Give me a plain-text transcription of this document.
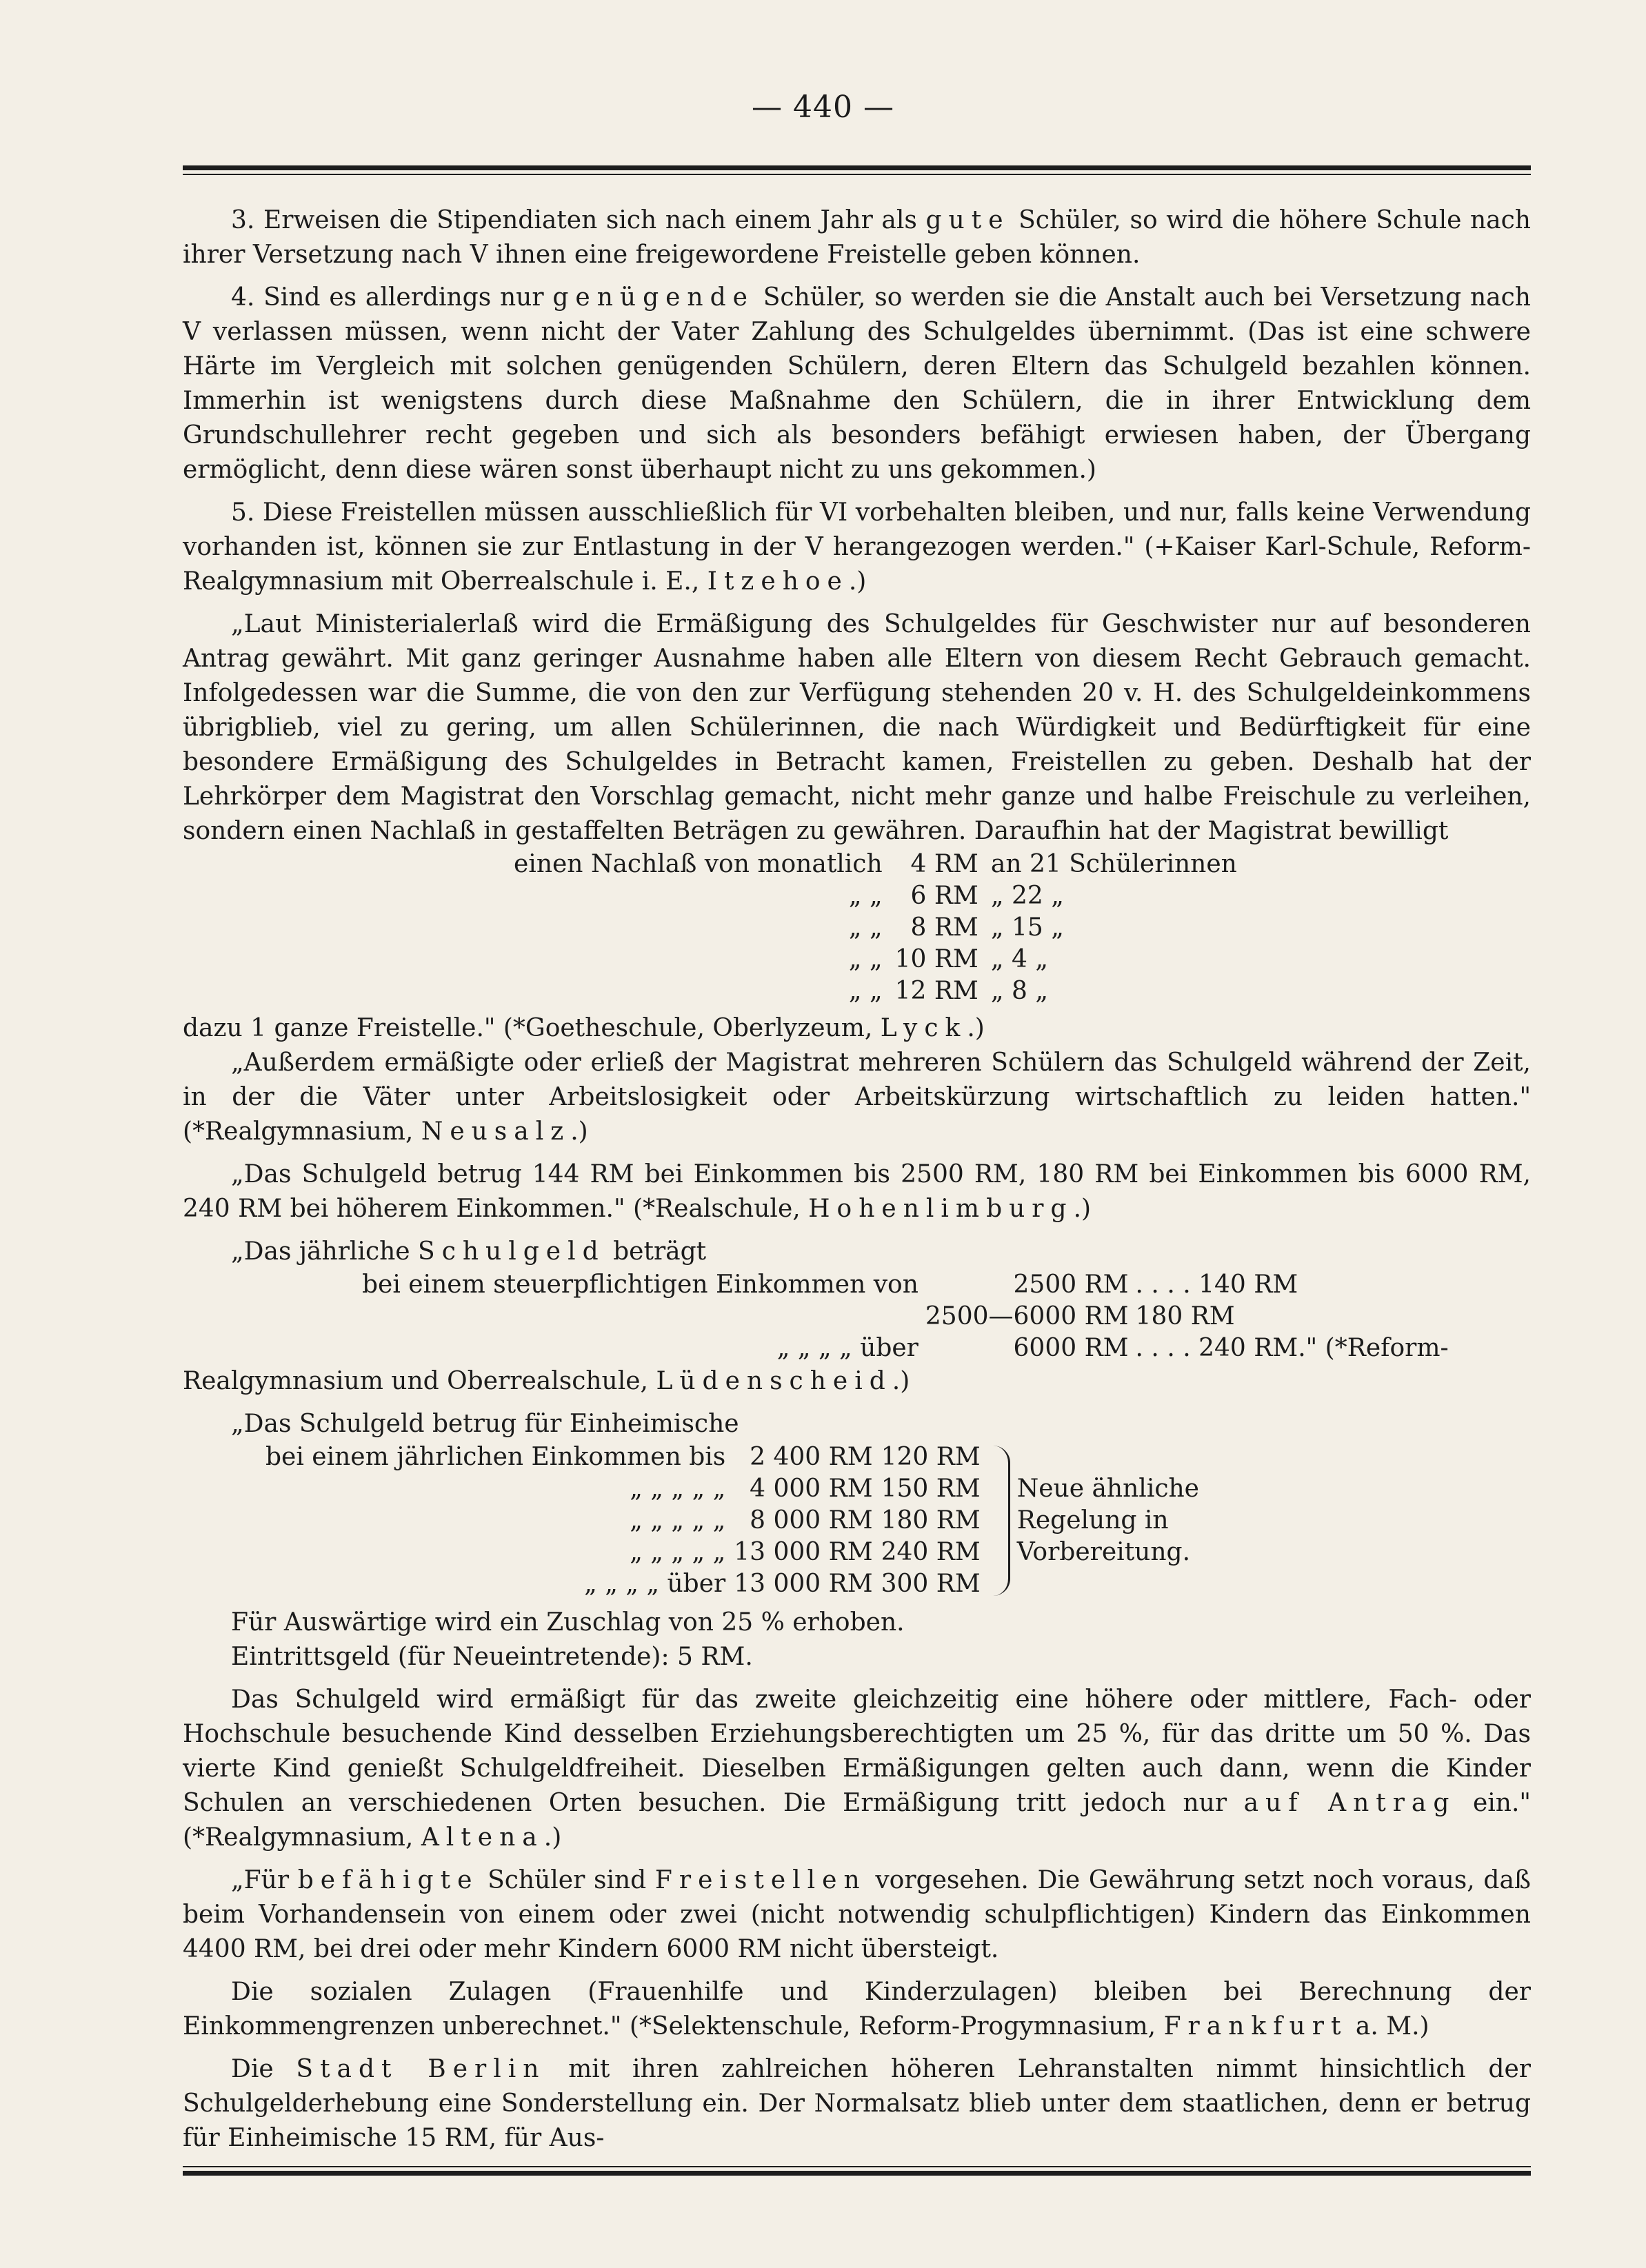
— 440 —

3. Erweisen die Stipendiaten sich nach einem Jahr als gute Schüler, so wird die höhere Schule nach ihrer Versetzung nach V ihnen eine freigewordene Freistelle geben können.

4. Sind es allerdings nur genügende Schüler, so werden sie die Anstalt auch bei Versetzung nach V verlassen müssen, wenn nicht der Vater Zahlung des Schulgeldes übernimmt. (Das ist eine schwere Härte im Vergleich mit solchen genügenden Schülern, deren Eltern das Schulgeld bezahlen können. Immerhin ist wenigstens durch diese Maßnahme den Schülern, die in ihrer Entwicklung dem Grundschullehrer recht gegeben und sich als besonders befähigt erwiesen haben, der Übergang ermöglicht, denn diese wären sonst überhaupt nicht zu uns gekommen.)

5. Diese Freistellen müssen ausschließlich für VI vorbehalten bleiben, und nur, falls keine Verwendung vorhanden ist, können sie zur Entlastung in der V herangezogen werden." (+Kaiser Karl-Schule, Reform-Realgymnasium mit Oberrealschule i. E., Itzehoe.)

„Laut Ministerialerlaß wird die Ermäßigung des Schulgeldes für Geschwister nur auf besonderen Antrag gewährt. Mit ganz geringer Ausnahme haben alle Eltern von diesem Recht Gebrauch gemacht. Infolgedessen war die Summe, die von den zur Verfügung stehenden 20 v. H. des Schulgeldeinkommens übrigblieb, viel zu gering, um allen Schülerinnen, die nach Würdigkeit und Bedürftigkeit für eine besondere Ermäßigung des Schulgeldes in Betracht kamen, Freistellen zu geben. Deshalb hat der Lehrkörper dem Magistrat den Vorschlag gemacht, nicht mehr ganze und halbe Freischule zu verleihen, sondern einen Nachlaß in gestaffelten Beträgen zu gewähren. Daraufhin hat der Magistrat bewilligt

einen Nachlaß von monatlich	4 RM	an 21 Schülerinnen
„ „	6 RM	„ 22 „
„ „	8 RM	„ 15 „
„ „	10 RM	„ 4 „
„ „	12 RM	„ 8 „

dazu 1 ganze Freistelle." (*Goetheschule, Oberlyzeum, Lyck.)

„Außerdem ermäßigte oder erließ der Magistrat mehreren Schülern das Schulgeld während der Zeit, in der die Väter unter Arbeitslosigkeit oder Arbeitskürzung wirtschaftlich zu leiden hatten." (*Realgymnasium, Neusalz.)

„Das Schulgeld betrug 144 RM bei Einkommen bis 2500 RM, 180 RM bei Einkommen bis 6000 RM, 240 RM bei höherem Einkommen." (*Realschule, Hohenlimburg.)

„Das jährliche Schulgeld beträgt

bei einem steuerpflichtigen Einkommen von	2500 RM	. . . . 140 RM
	2500—6000 RM	180 RM
„ „ „ „ über	6000 RM	. . . . 240 RM." (*Reform-

Realgymnasium und Oberrealschule, Lüdenscheid.)

„Das Schulgeld betrug für Einheimische

bei einem jährlichen Einkommen bis	2 400 RM	120 RM
„ „ „ „ „	4 000 RM	150 RM
„ „ „ „ „	8 000 RM	180 RM
„ „ „ „ „	13 000 RM	240 RM
„ „ „ „ über	13 000 RM	300 RM
Neue ähnliche Regelung in Vorbereitung.

Für Auswärtige wird ein Zuschlag von 25 % erhoben.

Eintrittsgeld (für Neueintretende): 5 RM.

Das Schulgeld wird ermäßigt für das zweite gleichzeitig eine höhere oder mittlere, Fach- oder Hochschule besuchende Kind desselben Erziehungsberechtigten um 25 %, für das dritte um 50 %. Das vierte Kind genießt Schulgeldfreiheit. Dieselben Ermäßigungen gelten auch dann, wenn die Kinder Schulen an verschiedenen Orten besuchen. Die Ermäßigung tritt jedoch nur auf Antrag ein." (*Realgymnasium, Altena.)

„Für befähigte Schüler sind Freistellen vorgesehen. Die Gewährung setzt noch voraus, daß beim Vorhandensein von einem oder zwei (nicht notwendig schulpflichtigen) Kindern das Einkommen 4400 RM, bei drei oder mehr Kindern 6000 RM nicht übersteigt.

Die sozialen Zulagen (Frauenhilfe und Kinderzulagen) bleiben bei Berechnung der Einkommengrenzen unberechnet." (*Selektenschule, Reform-Progymnasium, Frankfurt a. M.)

Die Stadt Berlin mit ihren zahlreichen höheren Lehranstalten nimmt hinsichtlich der Schulgelderhebung eine Sonderstellung ein. Der Normalsatz blieb unter dem staatlichen, denn er betrug für Einheimische 15 RM, für Aus-
